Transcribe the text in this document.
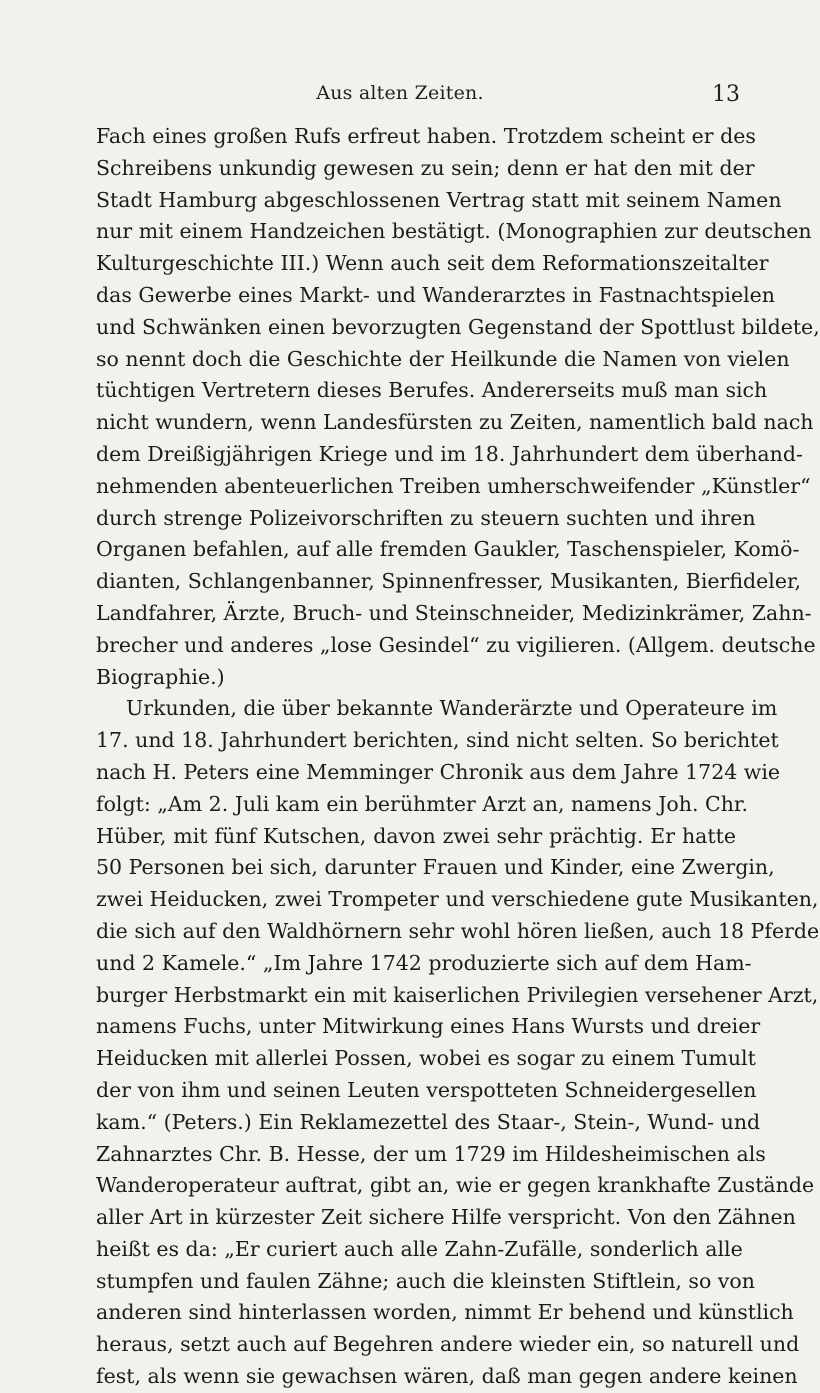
Aus alten Zeiten.	13
Fach eines großen Rufs erfreut haben. Trotzdem scheint er des
Schreibens unkundig gewesen zu sein; denn er hat den mit der
Stadt Hamburg abgeschlossenen Vertrag statt mit seinem Namen
nur mit einem Handzeichen bestätigt. (Monographien zur deutschen
Kulturgeschichte III.) Wenn auch seit dem Reformationszeitalter
das Gewerbe eines Markt- und Wanderarztes in Fastnachtspielen
und Schwänken einen bevorzugten Gegenstand der Spottlust bildete,
so nennt doch die Geschichte der Heilkunde die Namen von vielen
tüchtigen Vertretern dieses Berufes. Andererseits muß man sich
nicht wundern, wenn Landesfürsten zu Zeiten, namentlich bald nach
dem Dreißigjährigen Kriege und im 18. Jahrhundert dem überhand-
nehmenden abenteuerlichen Treiben umherschweifender „Künstler“
durch strenge Polizeivorschriften zu steuern suchten und ihren
Organen befahlen, auf alle fremden Gaukler, Taschenspieler, Komö-
dianten, Schlangenbanner, Spinnenfresser, Musikanten, Bierfideler,
Landfahrer, Ärzte, Bruch- und Steinschneider, Medizinkrämer, Zahn-
brecher und anderes „lose Gesindel“ zu vigilieren. (Allgem. deutsche
Biographie.)
Urkunden, die über bekannte Wanderärzte und Operateure im
17. und 18. Jahrhundert berichten, sind nicht selten. So berichtet
nach H. Peters eine Memminger Chronik aus dem Jahre 1724 wie
folgt: „Am 2. Juli kam ein berühmter Arzt an, namens Joh. Chr.
Hüber, mit fünf Kutschen, davon zwei sehr prächtig. Er hatte
50 Personen bei sich, darunter Frauen und Kinder, eine Zwergin,
zwei Heiducken, zwei Trompeter und verschiedene gute Musikanten,
die sich auf den Waldhörnern sehr wohl hören ließen, auch 18 Pferde
und 2 Kamele.“ „Im Jahre 1742 produzierte sich auf dem Ham-
burger Herbstmarkt ein mit kaiserlichen Privilegien versehener Arzt,
namens Fuchs, unter Mitwirkung eines Hans Wursts und dreier
Heiducken mit allerlei Possen, wobei es sogar zu einem Tumult
der von ihm und seinen Leuten verspotteten Schneidergesellen
kam.“ (Peters.) Ein Reklamezettel des Staar-, Stein-, Wund- und
Zahnarztes Chr. B. Hesse, der um 1729 im Hildesheimischen als
Wanderoperateur auftrat, gibt an, wie er gegen krankhafte Zustände
aller Art in kürzester Zeit sichere Hilfe verspricht. Von den Zähnen
heißt es da: „Er curiert auch alle Zahn-Zufälle, sonderlich alle
stumpfen und faulen Zähne; auch die kleinsten Stiftlein, so von
anderen sind hinterlassen worden, nimmt Er behend und künstlich
heraus, setzt auch auf Begehren andere wieder ein, so naturell und
fest, als wenn sie gewachsen wären, daß man gegen andere keinen
